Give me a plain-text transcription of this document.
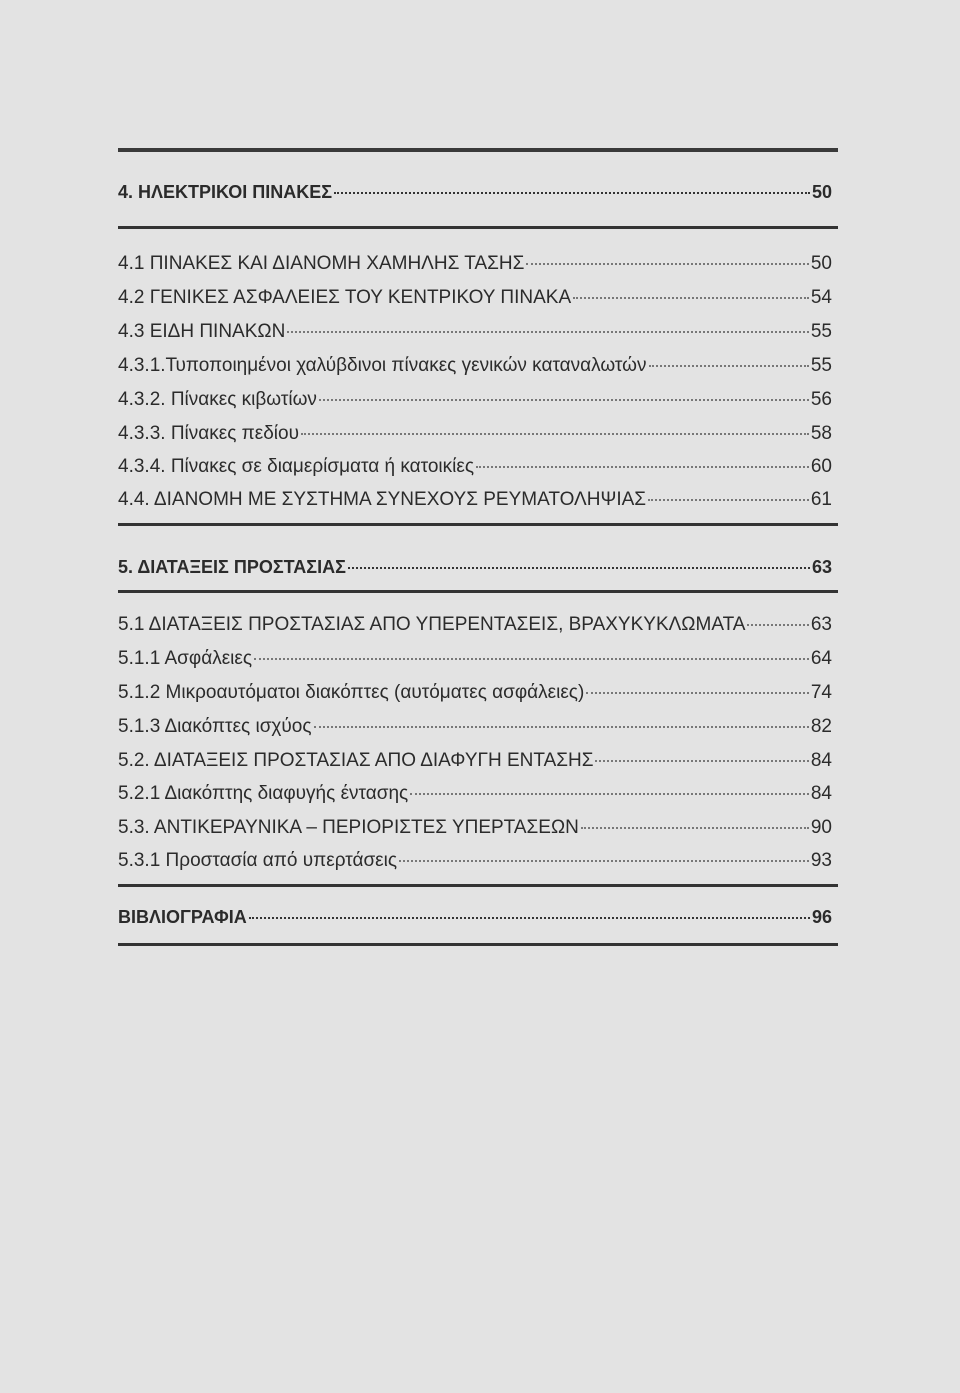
4. ΗΛΕΚΤΡΙΚΟΙ ΠΙΝΑΚΕΣ	50
4.1 ΠΙΝΑΚΕΣ ΚΑΙ ΔΙΑΝΟΜΗ ΧΑΜΗΛΗΣ ΤΑΣΗΣ	50
4.2 ΓΕΝΙΚΕΣ ΑΣΦΑΛΕΙΕΣ ΤΟΥ ΚΕΝΤΡΙΚΟΥ ΠΙΝΑΚΑ	54
4.3 ΕΙΔΗ ΠΙΝΑΚΩΝ	55
4.3.1.Τυποποιημένοι χαλύβδινοι πίνακες γενικών καταναλωτών	55
4.3.2. Πίνακες κιβωτίων	56
4.3.3. Πίνακες πεδίου	58
4.3.4. Πίνακες σε διαμερίσματα ή κατοικίες	60
4.4. ΔΙΑΝΟΜΗ ΜΕ ΣΥΣΤΗΜΑ ΣΥΝΕΧΟΥΣ ΡΕΥΜΑΤΟΛΗΨΙΑΣ	61
5. ΔΙΑΤΑΞΕΙΣ ΠΡΟΣΤΑΣΙΑΣ	63
5.1 ΔΙΑΤΑΞΕΙΣ ΠΡΟΣΤΑΣΙΑΣ ΑΠΟ ΥΠΕΡΕΝΤΑΣΕΙΣ, ΒΡΑΧΥΚΥΚΛΩΜΑΤΑ	63
5.1.1 Ασφάλειες	64
5.1.2 Μικροαυτόματοι διακόπτες (αυτόματες ασφάλειες)	74
5.1.3 Διακόπτες ισχύος	82
5.2. ΔΙΑΤΑΞΕΙΣ ΠΡΟΣΤΑΣΙΑΣ ΑΠΟ ΔΙΑΦΥΓΗ ΕΝΤΑΣΗΣ	84
5.2.1 Διακόπτης διαφυγής έντασης	84
5.3. ΑΝΤΙΚΕΡΑΥΝΙΚΑ – ΠΕΡΙΟΡΙΣΤΕΣ ΥΠΕΡΤΑΣΕΩΝ	90
5.3.1 Προστασία από υπερτάσεις	93
ΒΙΒΛΙΟΓΡΑΦΙΑ	96
